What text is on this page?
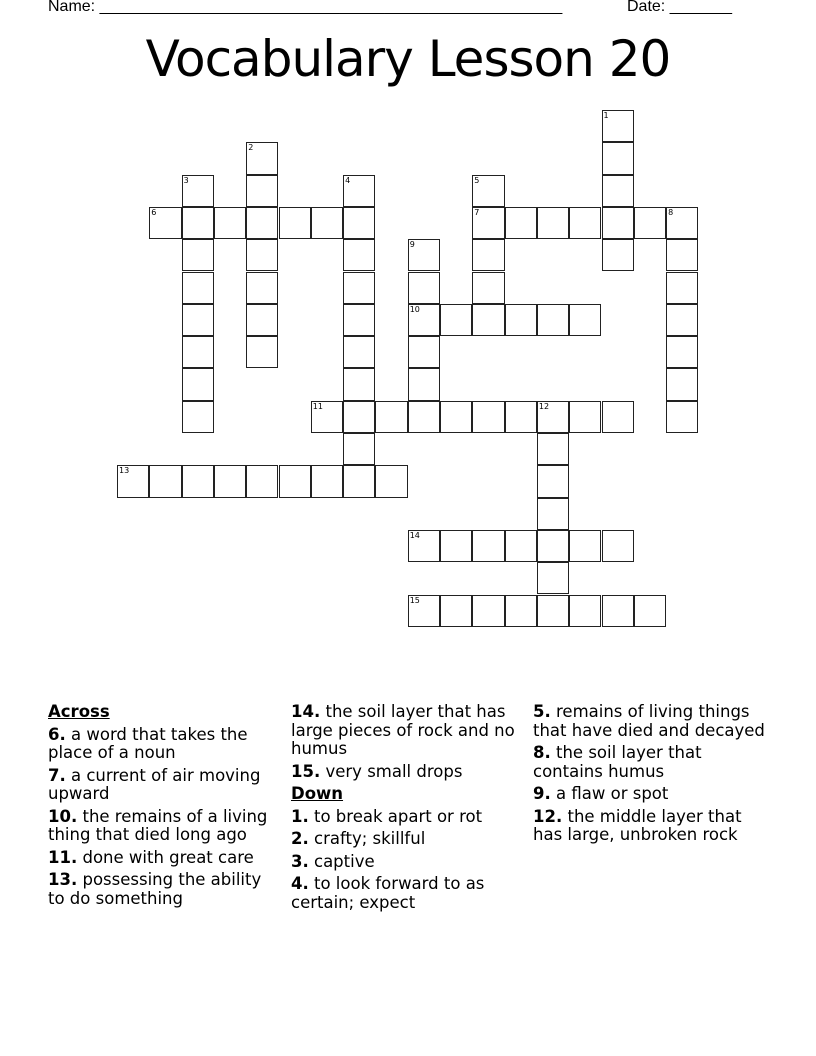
Name: ____________________________________________________	Date: _______
Vocabulary Lesson 20
1
2
3	4	5
7
6	8
9
10
11	12
13
14
15
Across
6. a word that takes the place of a noun
7. a current of air moving upward
10. the remains of a living thing that died long ago
11. done with great care
13. possessing the ability to do something
14. the soil layer that has large pieces of rock and no humus
15. very small drops
Down
1. to break apart or rot
2. crafty; skillful
3. captive
4. to look forward to as certain; expect
5. remains of living things that have died and decayed
8. the soil layer that contains humus
9. a flaw or spot
12. the middle layer that has large, unbroken rock
